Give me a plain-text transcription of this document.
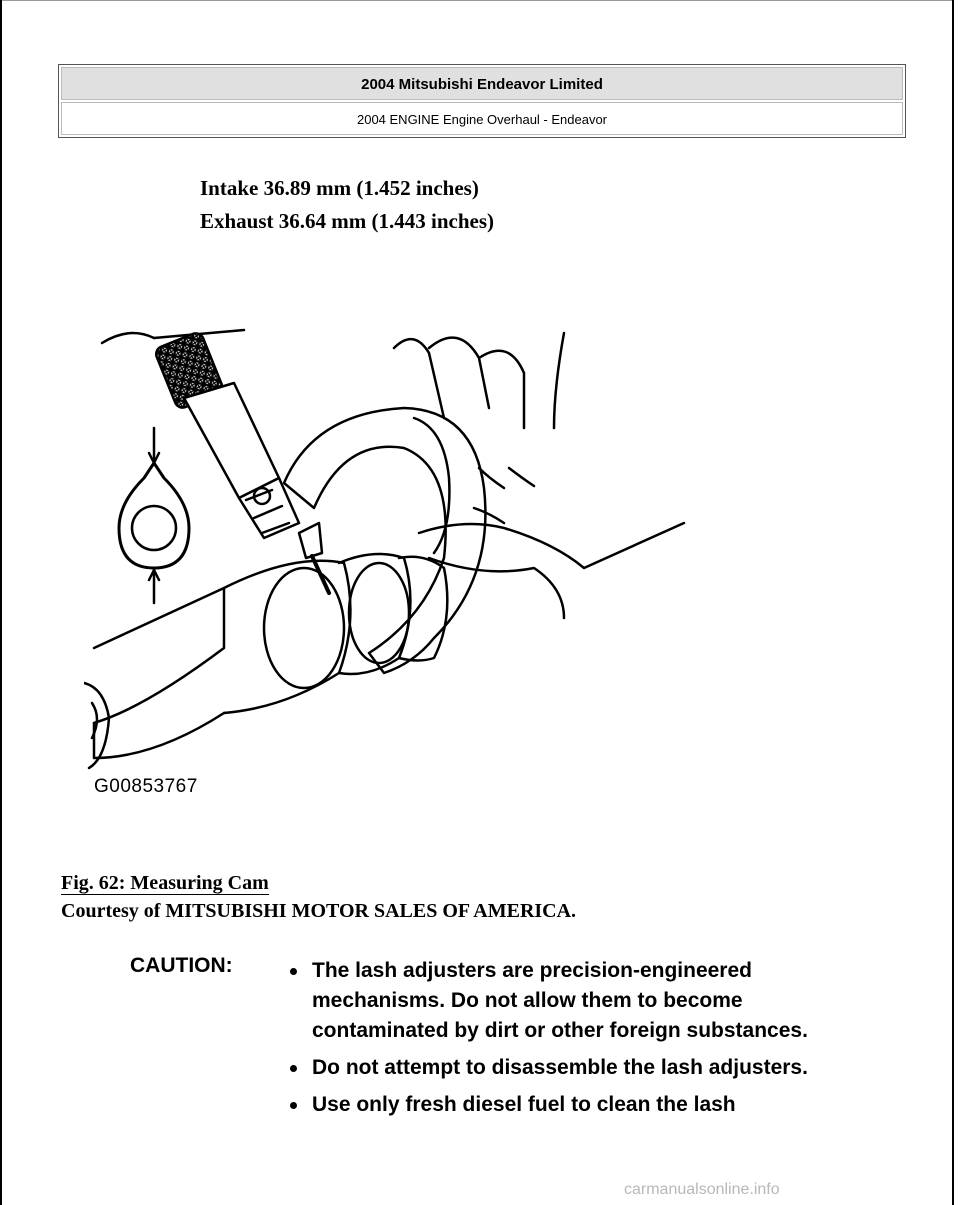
2004 Mitsubishi Endeavor Limited
2004 ENGINE Engine Overhaul - Endeavor
Intake 36.89 mm (1.452 inches)
Exhaust 36.64 mm (1.443 inches)
G00853767
Fig. 62: Measuring Cam
Courtesy of MITSUBISHI MOTOR SALES OF AMERICA.
CAUTION:	The lash adjusters are precision-engineered mechanisms. Do not allow them to become contaminated by dirt or other foreign substances.
Do not attempt to disassemble the lash adjusters.
Use only fresh diesel fuel to clean the lash
carmanualsonline.info
